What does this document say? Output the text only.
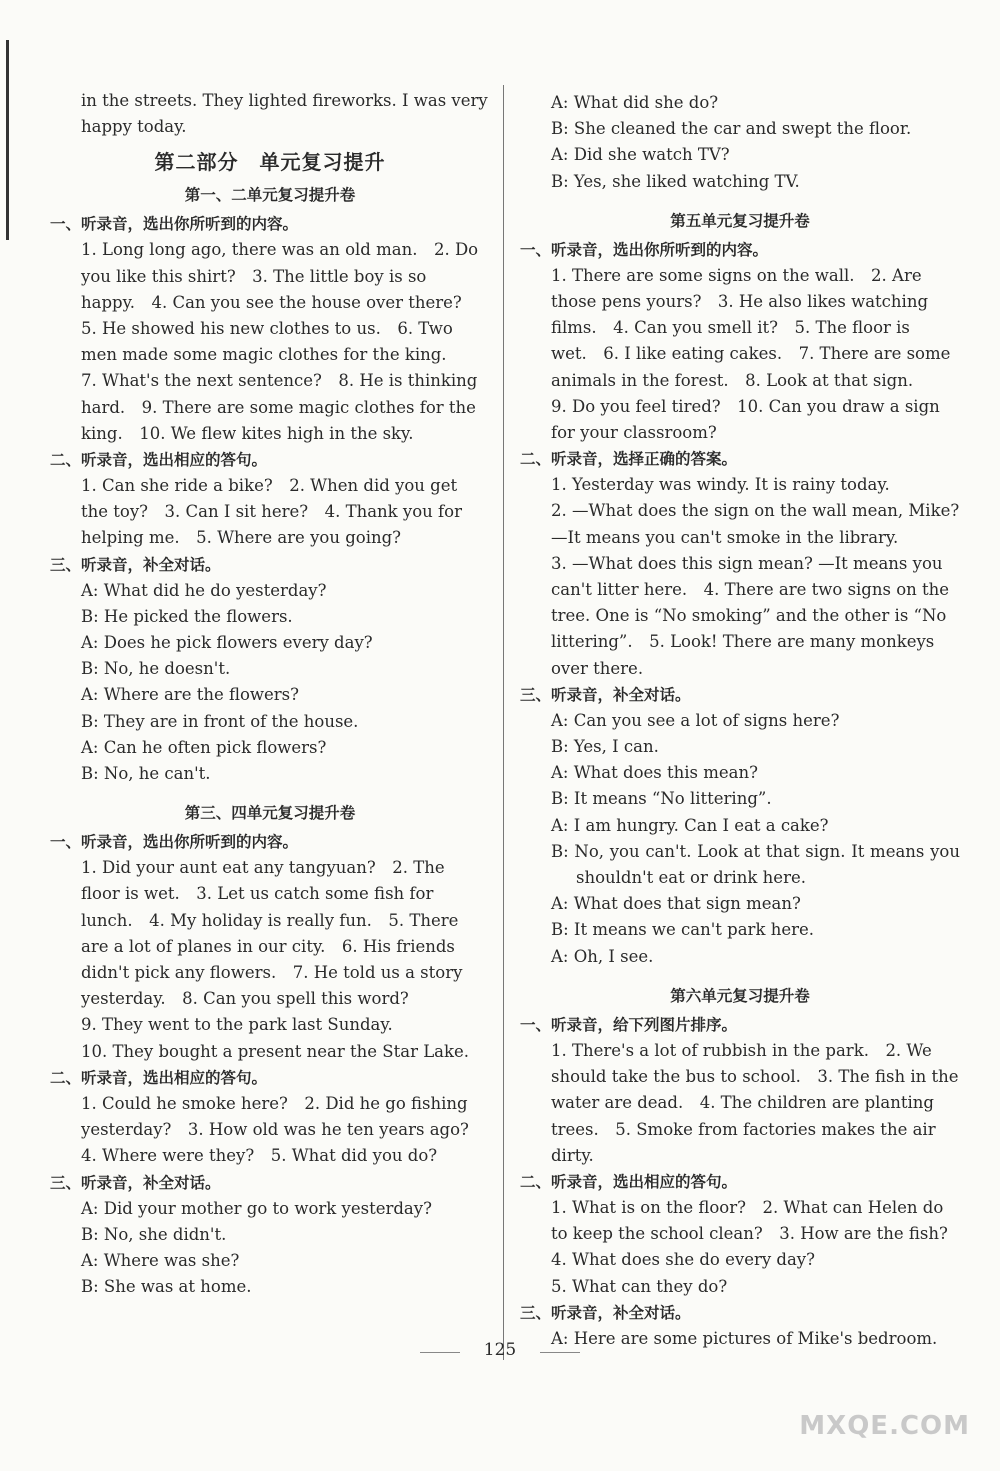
in the streets. They lighted fireworks. I was very

happy today.

第二部分　单元复习提升
第一、二单元复习提升卷
一、听录音，选出你所听到的内容。

1. Long long ago, there was an old man.　2. Do

you like this shirt?　3. The little boy is so

happy.　4. Can you see the house over there?

5. He showed his new clothes to us.　6. Two

men made some magic clothes for the king.

7. What's the next sentence?　8. He is thinking

hard.　9. There are some magic clothes for the

king.　10. We flew kites high in the sky.

二、听录音，选出相应的答句。

1. Can she ride a bike?　2. When did you get

the toy?　3. Can I sit here?　4. Thank you for

helping me.　5. Where are you going?

三、听录音，补全对话。

A: What did he do yesterday?

B: He picked the flowers.

A: Does he pick flowers every day?

B: No, he doesn't.

A: Where are the flowers?

B: They are in front of the house.

A: Can he often pick flowers?

B: No, he can't.

第三、四单元复习提升卷
一、听录音，选出你所听到的内容。

1. Did your aunt eat any tangyuan?　2. The

floor is wet.　3. Let us catch some fish for

lunch.　4. My holiday is really fun.　5. There

are a lot of planes in our city.　6. His friends

didn't pick any flowers.　7. He told us a story

yesterday.　8. Can you spell this word?

9. They went to the park last Sunday.

10. They bought a present near the Star Lake.

二、听录音，选出相应的答句。

1. Could he smoke here?　2. Did he go fishing

yesterday?　3. How old was he ten years ago?

4. Where were they?　5. What did you do?

三、听录音，补全对话。

A: Did your mother go to work yesterday?

B: No, she didn't.

A: Where was she?

B: She was at home.

A: What did she do?

B: She cleaned the car and swept the floor.

A: Did she watch TV?

B: Yes, she liked watching TV.

第五单元复习提升卷
一、听录音，选出你所听到的内容。

1. There are some signs on the wall.　2. Are

those pens yours?　3. He also likes watching

films.　4. Can you smell it?　5. The floor is

wet.　6. I like eating cakes.　7. There are some

animals in the forest.　8. Look at that sign.

9. Do you feel tired?　10. Can you draw a sign

for your classroom?

二、听录音，选择正确的答案。

1. Yesterday was windy. It is rainy today.

2. —What does the sign on the wall mean, Mike?

—It means you can't smoke in the library.

3. —What does this sign mean? —It means you

can't litter here.　4. There are two signs on the

tree. One is “No smoking” and the other is “No

littering”.　5. Look! There are many monkeys

over there.

三、听录音，补全对话。

A: Can you see a lot of signs here?

B: Yes, I can.

A: What does this mean?

B: It means “No littering”.

A: I am hungry. Can I eat a cake?

B: No, you can't. Look at that sign. It means you shouldn't eat or drink here.

A: What does that sign mean?

B: It means we can't park here.

A: Oh, I see.

第六单元复习提升卷
一、听录音，给下列图片排序。

1. There's a lot of rubbish in the park.　2. We

should take the bus to school.　3. The fish in the

water are dead.　4. The children are planting

trees.　5. Smoke from factories makes the air

dirty.

二、听录音，选出相应的答句。

1. What is on the floor?　2. What can Helen do

to keep the school clean?　3. How are the fish?

4. What does she do every day?

5. What can they do?

三、听录音，补全对话。

A: Here are some pictures of Mike's bedroom.

125
MXQE.COM
